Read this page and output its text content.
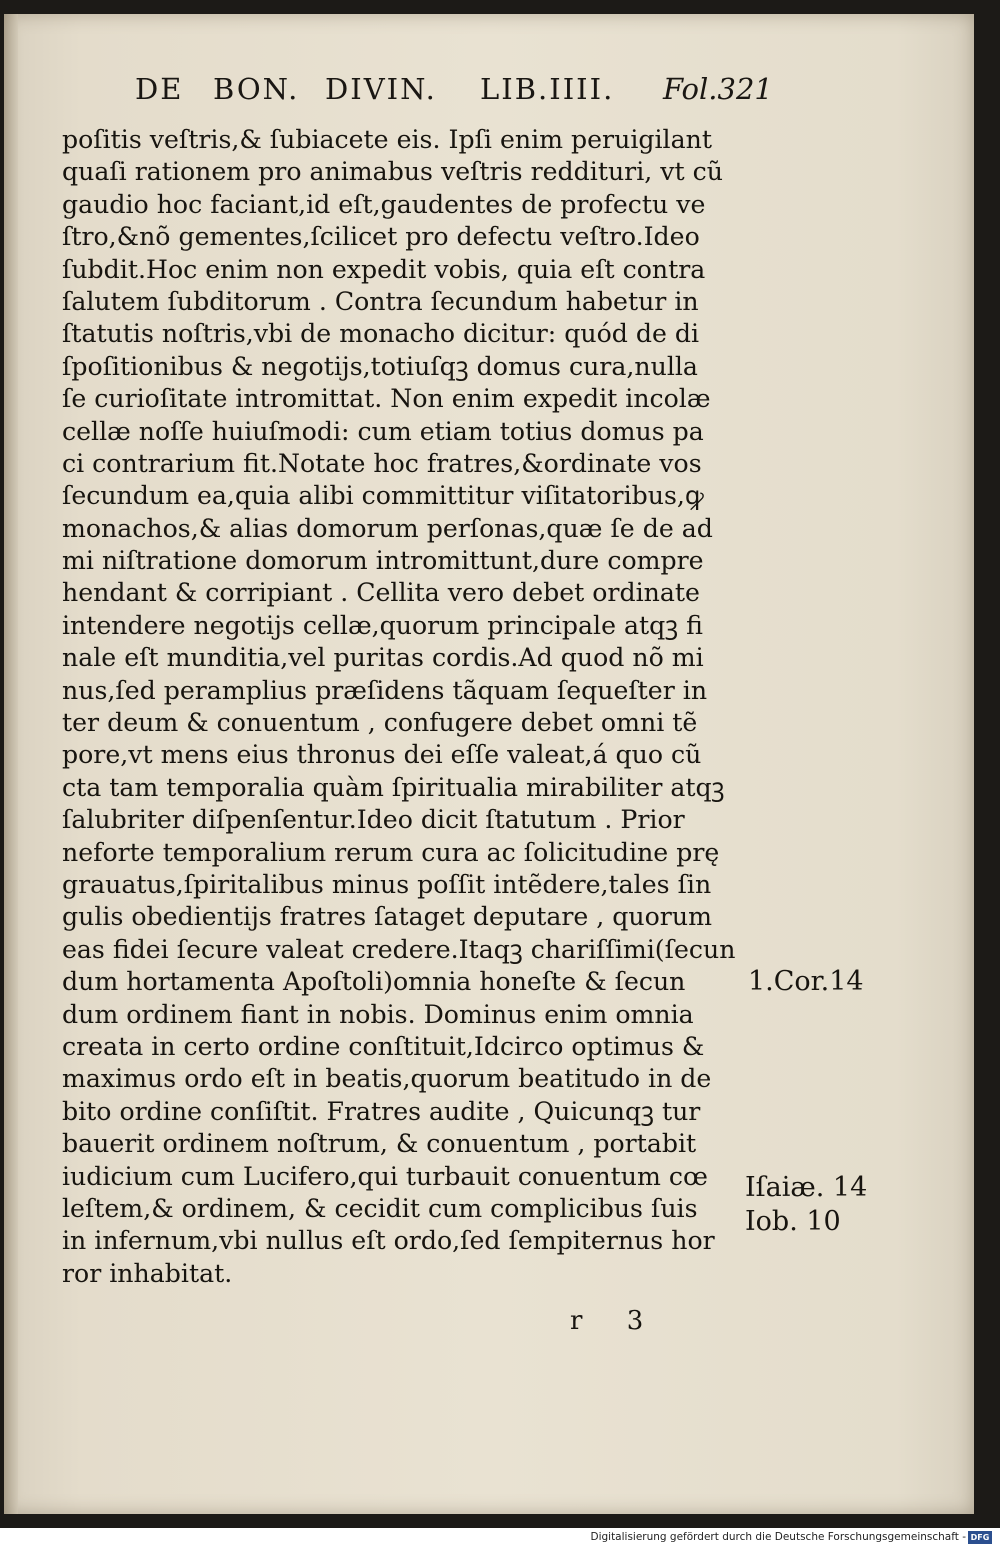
DE BON. DIVIN. LIB.IIII. Fol.321
poſitis veſtris,& ſubiacete eis. Ipſi enim peruigilant
quaſi rationem pro animabus veſtris reddituri, vt cũ
gaudio hoc faciant,id eſt,gaudentes de profectu ve
ſtro,&nõ gementes,ſcilicet pro defectu veſtro.Ideo
ſubdit.Hoc enim non expedit vobis, quia eſt contra
ſalutem ſubditorum . Contra ſecundum habetur in
ſtatutis noſtris,vbi de monacho dicitur: quód de di
ſpoſitionibus & negotijs,totiuſqꝫ domus cura,nulla
ſe curioſitate intromittat. Non enim expedit incolæ
cellæ noſſe huiuſmodi: cum etiam totius domus pa
ci contrarium fit.Notate hoc fratres,&ordinate vos
ſecundum ea,quia alibi committitur viſitatoribus,ꝙ
monachos,& alias domorum perſonas,quæ ſe de ad
mi niſtratione domorum intromittunt,dure compre
hendant & corripiant . Cellita vero debet ordinate
intendere negotijs cellæ,quorum principale atqꝫ fi
nale eſt munditia,vel puritas cordis.Ad quod nõ mi
nus,ſed peramplius præſidens tãquam ſequeſter in
ter deum & conuentum , confugere debet omni tẽ
pore,vt mens eius thronus dei eſſe valeat,á quo cũ
cta tam temporalia quàm ſpiritualia mirabiliter atqꝫ
ſalubriter diſpenſentur.Ideo dicit ſtatutum . Prior
neforte temporalium rerum cura ac ſolicitudine prę
grauatus,ſpiritalibus minus poſſit intẽdere,tales ſin
gulis obedientijs fratres ſataget deputare , quorum
eas fidei ſecure valeat credere.Itaqꝫ chariſſimi(ſecun
dum hortamenta Apoſtoli)omnia honeſte & ſecun
dum ordinem fiant in nobis. Dominus enim omnia
creata in certo ordine conſtituit,Idcirco optimus &
maximus ordo eſt in beatis,quorum beatitudo in de
bito ordine conſiſtit. Fratres audite , Quicunqꝫ tur
bauerit ordinem noſtrum, & conuentum , portabit
iudicium cum Lucifero,qui turbauit conuentum cœ
leſtem,& ordinem, & cecidit cum complicibus ſuis
in infernum,vbi nullus eſt ordo,ſed ſempiternus hor
ror inhabitat.
1.Cor.14
Iſaiæ. 14
Iob. 10
r 3
Digitalisierung gefördert durch die Deutsche Forschungsgemeinschaft - DFG
